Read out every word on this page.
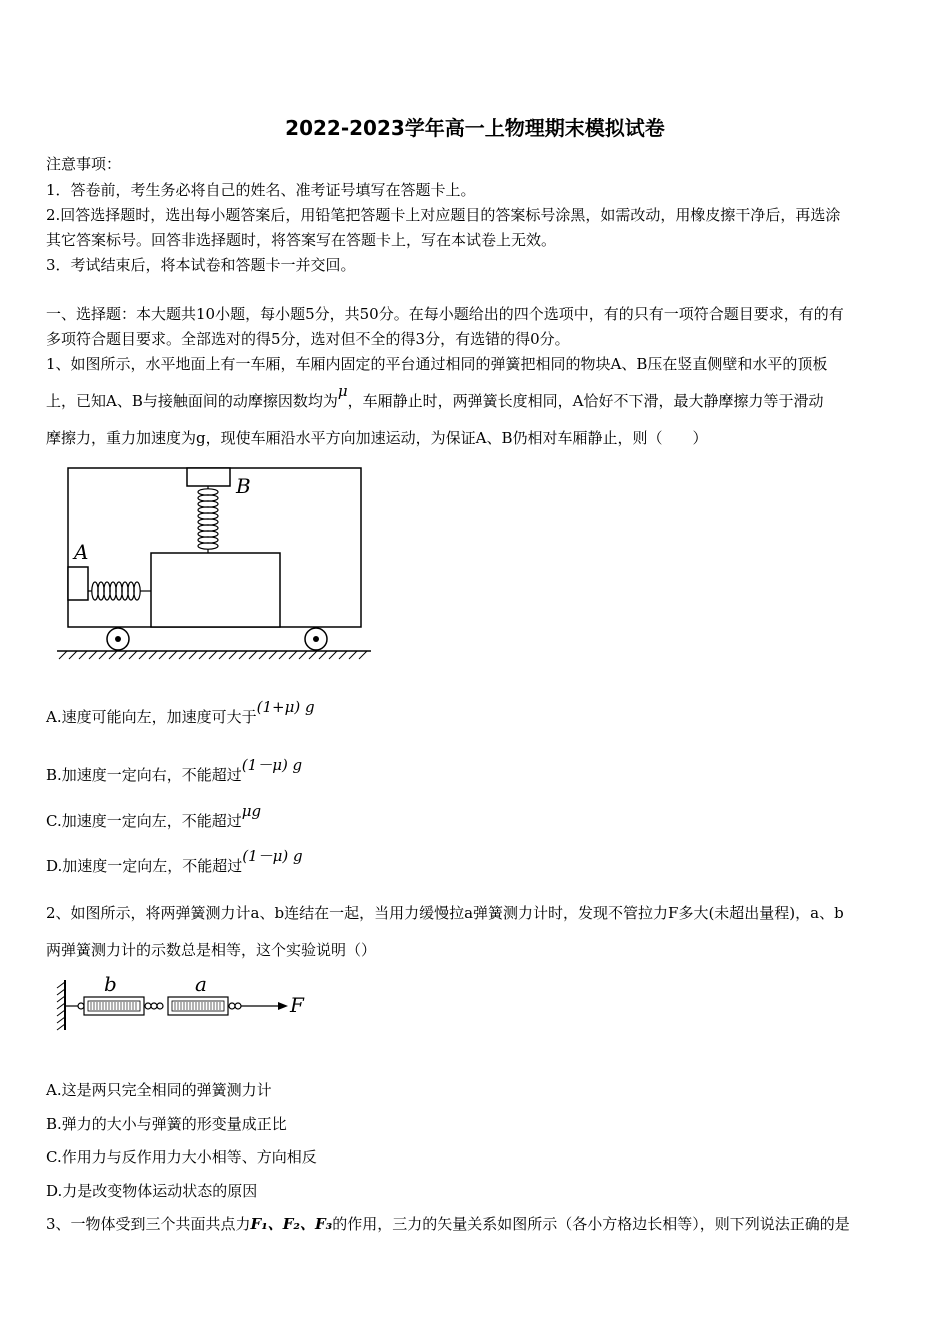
2022-2023学年高一上物理期末模拟试卷
注意事项：
1．答卷前，考生务必将自己的姓名、准考证号填写在答题卡上。
2.回答选择题时，选出每小题答案后，用铅笔把答题卡上对应题目的答案标号涂黑，如需改动，用橡皮擦干净后，再选涂
其它答案标号。回答非选择题时，将答案写在答题卡上，写在本试卷上无效。
3．考试结束后，将本试卷和答题卡一并交回。
一、选择题：本大题共10小题，每小题5分，共50分。在每小题给出的四个选项中，有的只有一项符合题目要求，有的有
多项符合题目要求。全部选对的得5分，选对但不全的得3分，有选错的得0分。
1、如图所示，水平地面上有一车厢，车厢内固定的平台通过相同的弹簧把相同的物块A、B压在竖直侧壁和水平的顶板
上，已知A、B与接触面间的动摩擦因数均为μ，车厢静止时，两弹簧长度相同，A恰好不下滑，最大静摩擦力等于滑动
摩擦力，重力加速度为g，现使车厢沿水平方向加速运动，为保证A、B仍相对车厢静止，则（　　）
B
A
A.速度可能向左，加速度可大于(1+μ) g
B.加速度一定向右，不能超过(1－μ) g
C.加速度一定向左，不能超过μg
D.加速度一定向左，不能超过(1－μ) g
2、如图所示，将两弹簧测力计a、b连结在一起，当用力缓慢拉a弹簧测力计时，发现不管拉力F多大(未超出量程)，a、b
两弹簧测力计的示数总是相等，这个实验说明（）
b	a
F
A.这是两只完全相同的弹簧测力计
B.弹力的大小与弹簧的形变量成正比
C.作用力与反作用力大小相等、方向相反
D.力是改变物体运动状态的原因
3、一物体受到三个共面共点力F₁、F₂、F₃的作用，三力的矢量关系如图所示（各小方格边长相等），则下列说法正确的是
